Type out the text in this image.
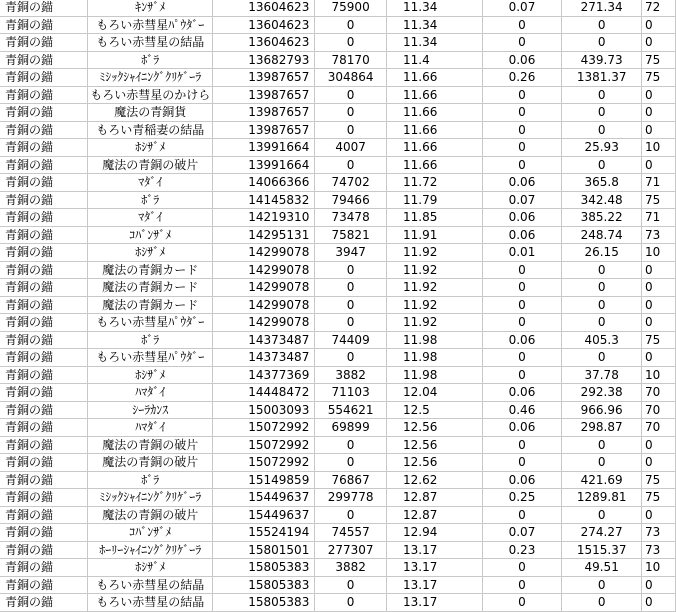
青銅の錨	ｷﾝｻﾞﾒ	13604623	75900	11.34	0.07	271.34	72
青銅の錨	もろい赤彗星ﾊﾟｳﾀﾞｰ	13604623	0	11.34	0	0	0
青銅の錨	もろい赤彗星の結晶	13604623	0	11.34	0	0	0
青銅の錨	ﾎﾞﾗ	13682793	78170	11.4	0.06	439.73	75
青銅の錨	ﾐｼｯｸｼｬｲﾆﾝｸﾞｸﾘｹﾞｰﾗ	13987657	304864	11.66	0.26	1381.37	75
青銅の錨	もろい赤彗星のかけら	13987657	0	11.66	0	0	0
青銅の錨	魔法の青銅貨	13987657	0	11.66	0	0	0
青銅の錨	もろい青稲妻の結晶	13987657	0	11.66	0	0	0
青銅の錨	ﾎｼｻﾞﾒ	13991664	4007	11.66	0	25.93	10
青銅の錨	魔法の青銅の破片	13991664	0	11.66	0	0	0
青銅の錨	ﾏﾀﾞｲ	14066366	74702	11.72	0.06	365.8	71
青銅の錨	ﾎﾞﾗ	14145832	79466	11.79	0.07	342.48	75
青銅の錨	ﾏﾀﾞｲ	14219310	73478	11.85	0.06	385.22	71
青銅の錨	ｺﾊﾞﾝｻﾞﾒ	14295131	75821	11.91	0.06	248.74	73
青銅の錨	ﾎｼｻﾞﾒ	14299078	3947	11.92	0.01	26.15	10
青銅の錨	魔法の青銅カード	14299078	0	11.92	0	0	0
青銅の錨	魔法の青銅カード	14299078	0	11.92	0	0	0
青銅の錨	魔法の青銅カード	14299078	0	11.92	0	0	0
青銅の錨	もろい赤彗星ﾊﾟｳﾀﾞｰ	14299078	0	11.92	0	0	0
青銅の錨	ﾎﾞﾗ	14373487	74409	11.98	0.06	405.3	75
青銅の錨	もろい赤彗星ﾊﾟｳﾀﾞｰ	14373487	0	11.98	0	0	0
青銅の錨	ﾎｼｻﾞﾒ	14377369	3882	11.98	0	37.78	10
青銅の錨	ﾊﾏﾀﾞｲ	14448472	71103	12.04	0.06	292.38	70
青銅の錨	ｼｰﾗｶﾝｽ	15003093	554621	12.5	0.46	966.96	70
青銅の錨	ﾊﾏﾀﾞｲ	15072992	69899	12.56	0.06	298.87	70
青銅の錨	魔法の青銅の破片	15072992	0	12.56	0	0	0
青銅の錨	魔法の青銅の破片	15072992	0	12.56	0	0	0
青銅の錨	ﾎﾞﾗ	15149859	76867	12.62	0.06	421.69	75
青銅の錨	ﾐｼｯｸｼｬｲﾆﾝｸﾞｸﾘｹﾞｰﾗ	15449637	299778	12.87	0.25	1289.81	75
青銅の錨	魔法の青銅の破片	15449637	0	12.87	0	0	0
青銅の錨	ｺﾊﾞﾝｻﾞﾒ	15524194	74557	12.94	0.07	274.27	73
青銅の錨	ﾎｰﾘｰｼｬｲﾆﾝｸﾞｸﾘｹﾞｰﾗ	15801501	277307	13.17	0.23	1515.37	73
青銅の錨	ﾎｼｻﾞﾒ	15805383	3882	13.17	0	49.51	10
青銅の錨	もろい赤彗星の結晶	15805383	0	13.17	0	0	0
青銅の錨	もろい赤彗星の結晶	15805383	0	13.17	0	0	0
